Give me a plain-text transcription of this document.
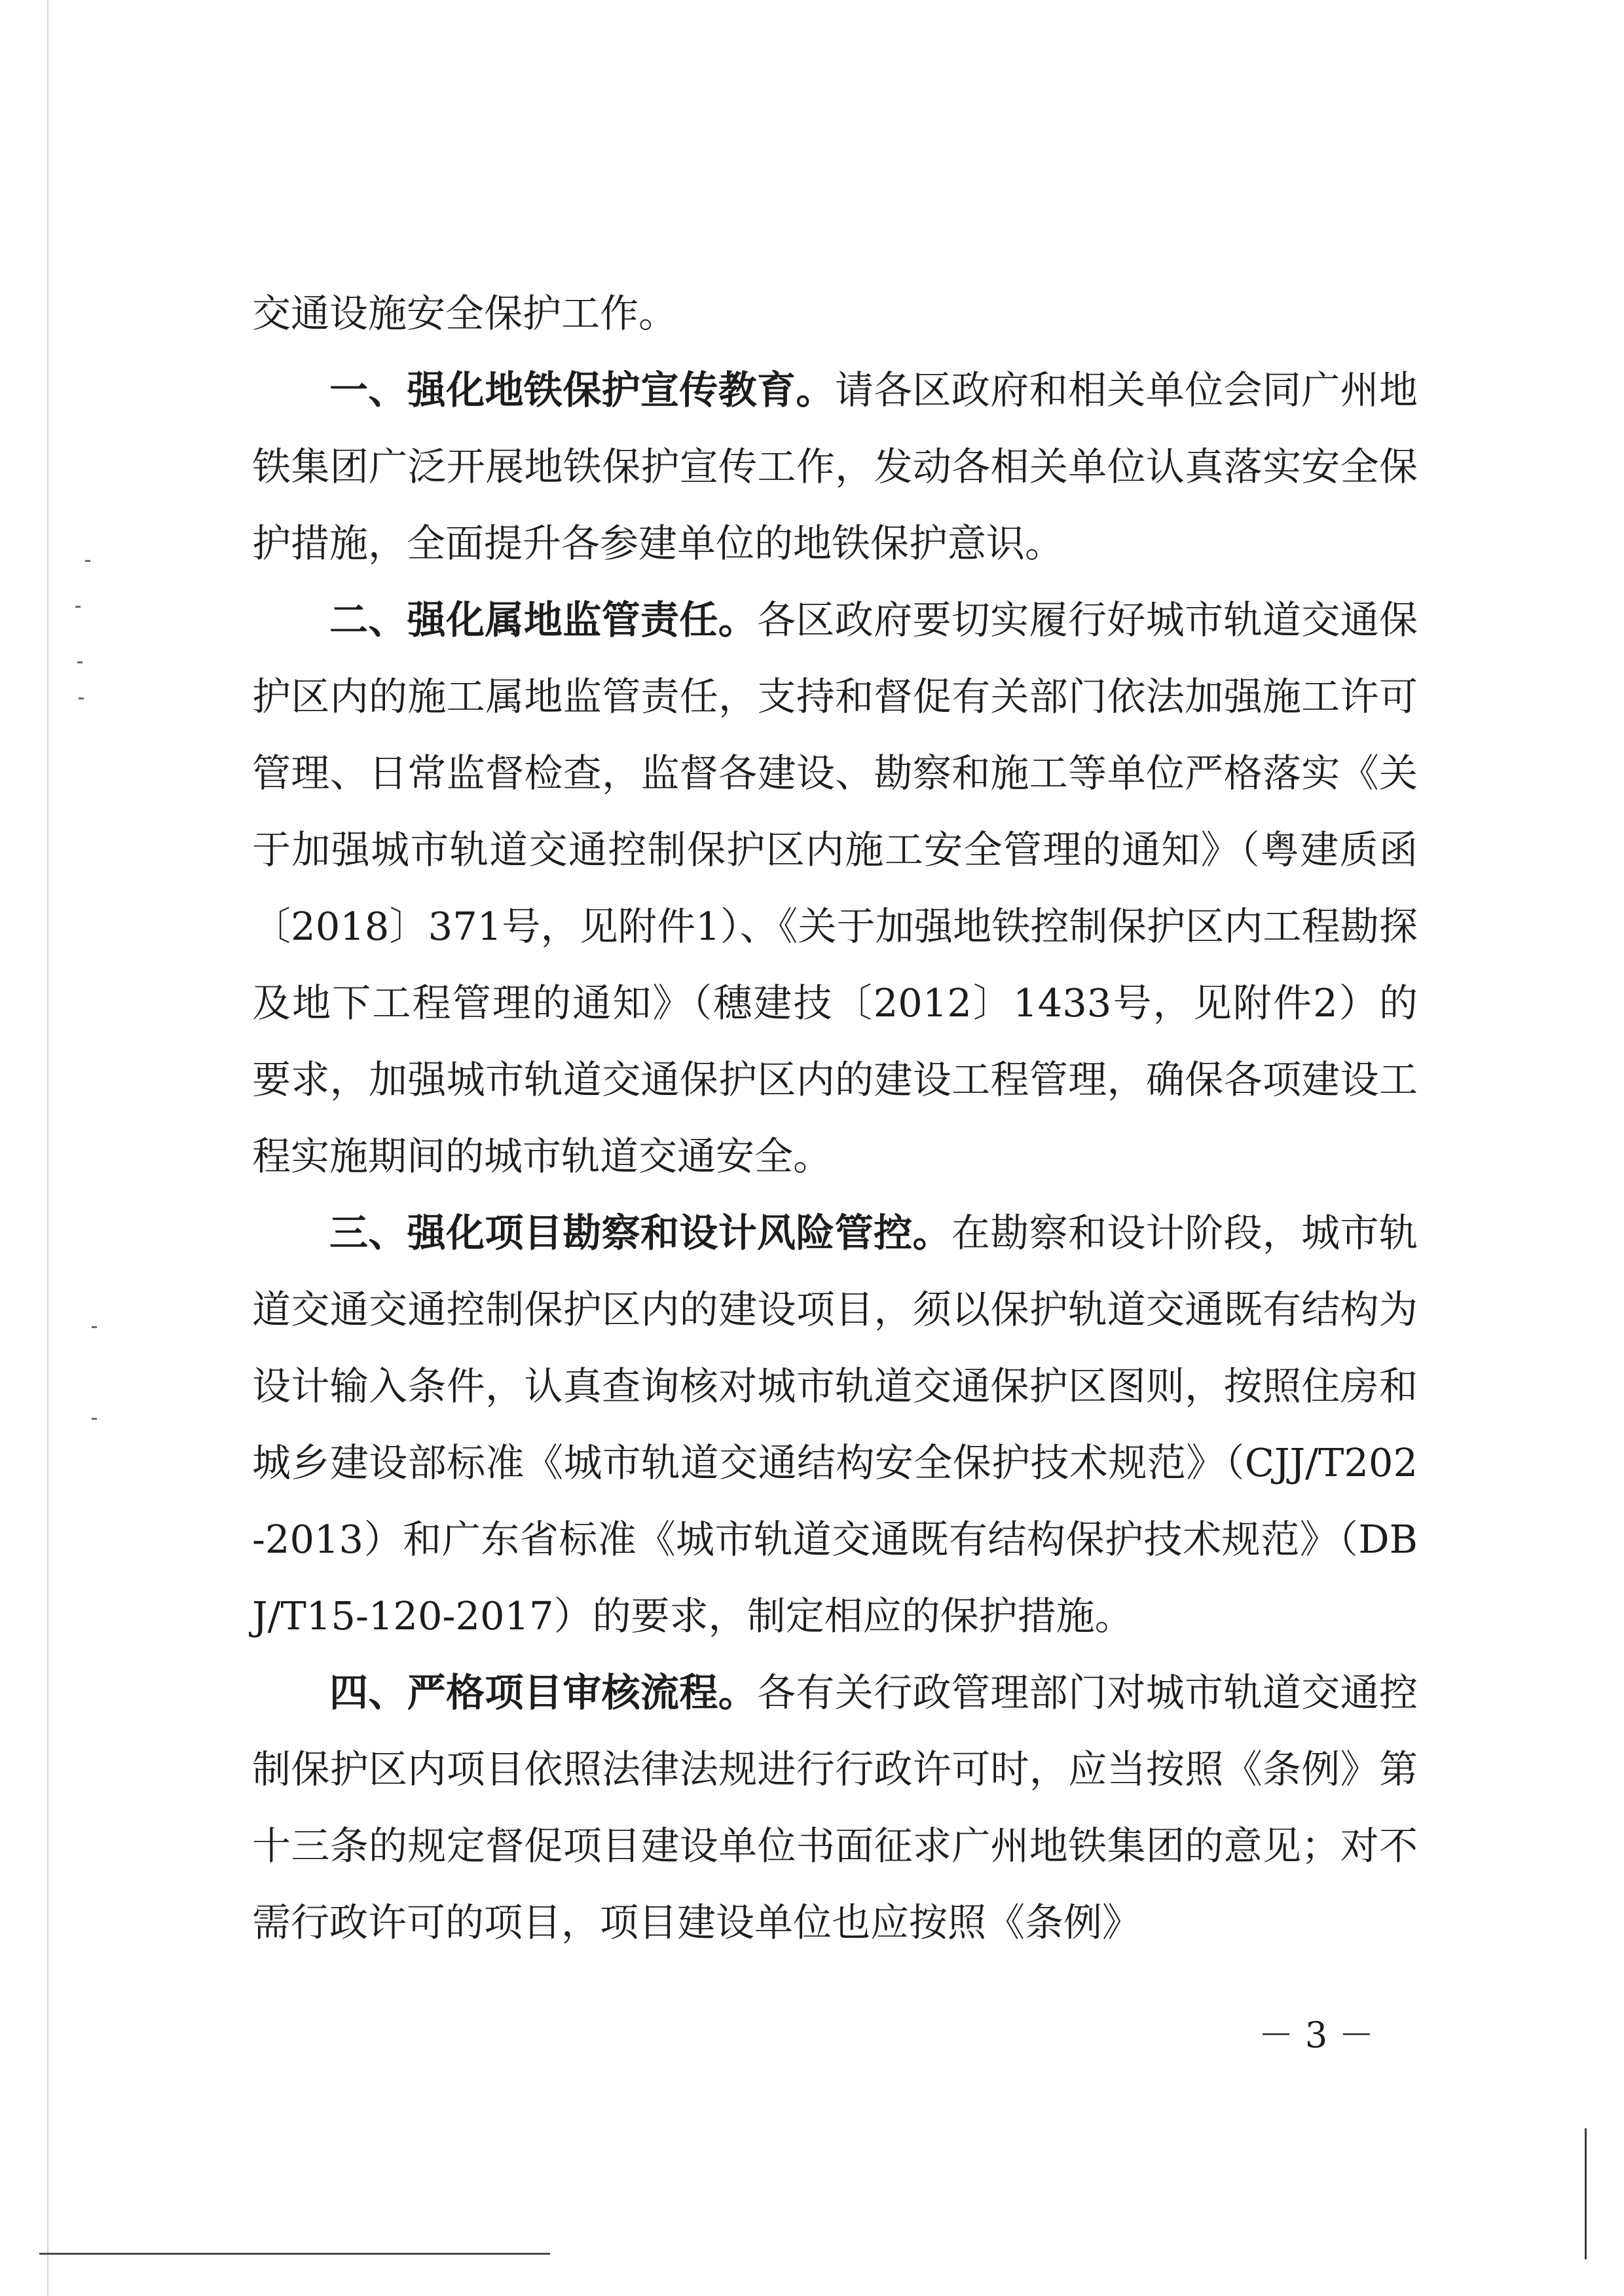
交通设施安全保护工作。

一、强化地铁保护宣传教育。请各区政府和相关单位会同广州地铁集团广泛开展地铁保护宣传工作，发动各相关单位认真落实安全保护措施，全面提升各参建单位的地铁保护意识。

二、强化属地监管责任。各区政府要切实履行好城市轨道交通保护区内的施工属地监管责任，支持和督促有关部门依法加强施工许可管理、日常监督检查，监督各建设、勘察和施工等单位严格落实《关于加强城市轨道交通控制保护区内施工安全管理的通知》（粤建质函〔2018〕371号，见附件1）、《关于加强地铁控制保护区内工程勘探及地下工程管理的通知》（穗建技〔2012〕1433号，见附件2）的要求，加强城市轨道交通保护区内的建设工程管理，确保各项建设工程实施期间的城市轨道交通安全。

三、强化项目勘察和设计风险管控。在勘察和设计阶段，城市轨道交通交通控制保护区内的建设项目，须以保护轨道交通既有结构为设计输入条件，认真查询核对城市轨道交通保护区图则，按照住房和城乡建设部标准《城市轨道交通结构安全保护技术规范》（CJJ/T202-2013）和广东省标准《城市轨道交通既有结构保护技术规范》（DBJ/T15-120-2017）的要求，制定相应的保护措施。

四、严格项目审核流程。各有关行政管理部门对城市轨道交通控制保护区内项目依照法律法规进行行政许可时，应当按照《条例》第十三条的规定督促项目建设单位书面征求广州地铁集团的意见；对不需行政许可的项目，项目建设单位也应按照《条例》

－ 3 －
